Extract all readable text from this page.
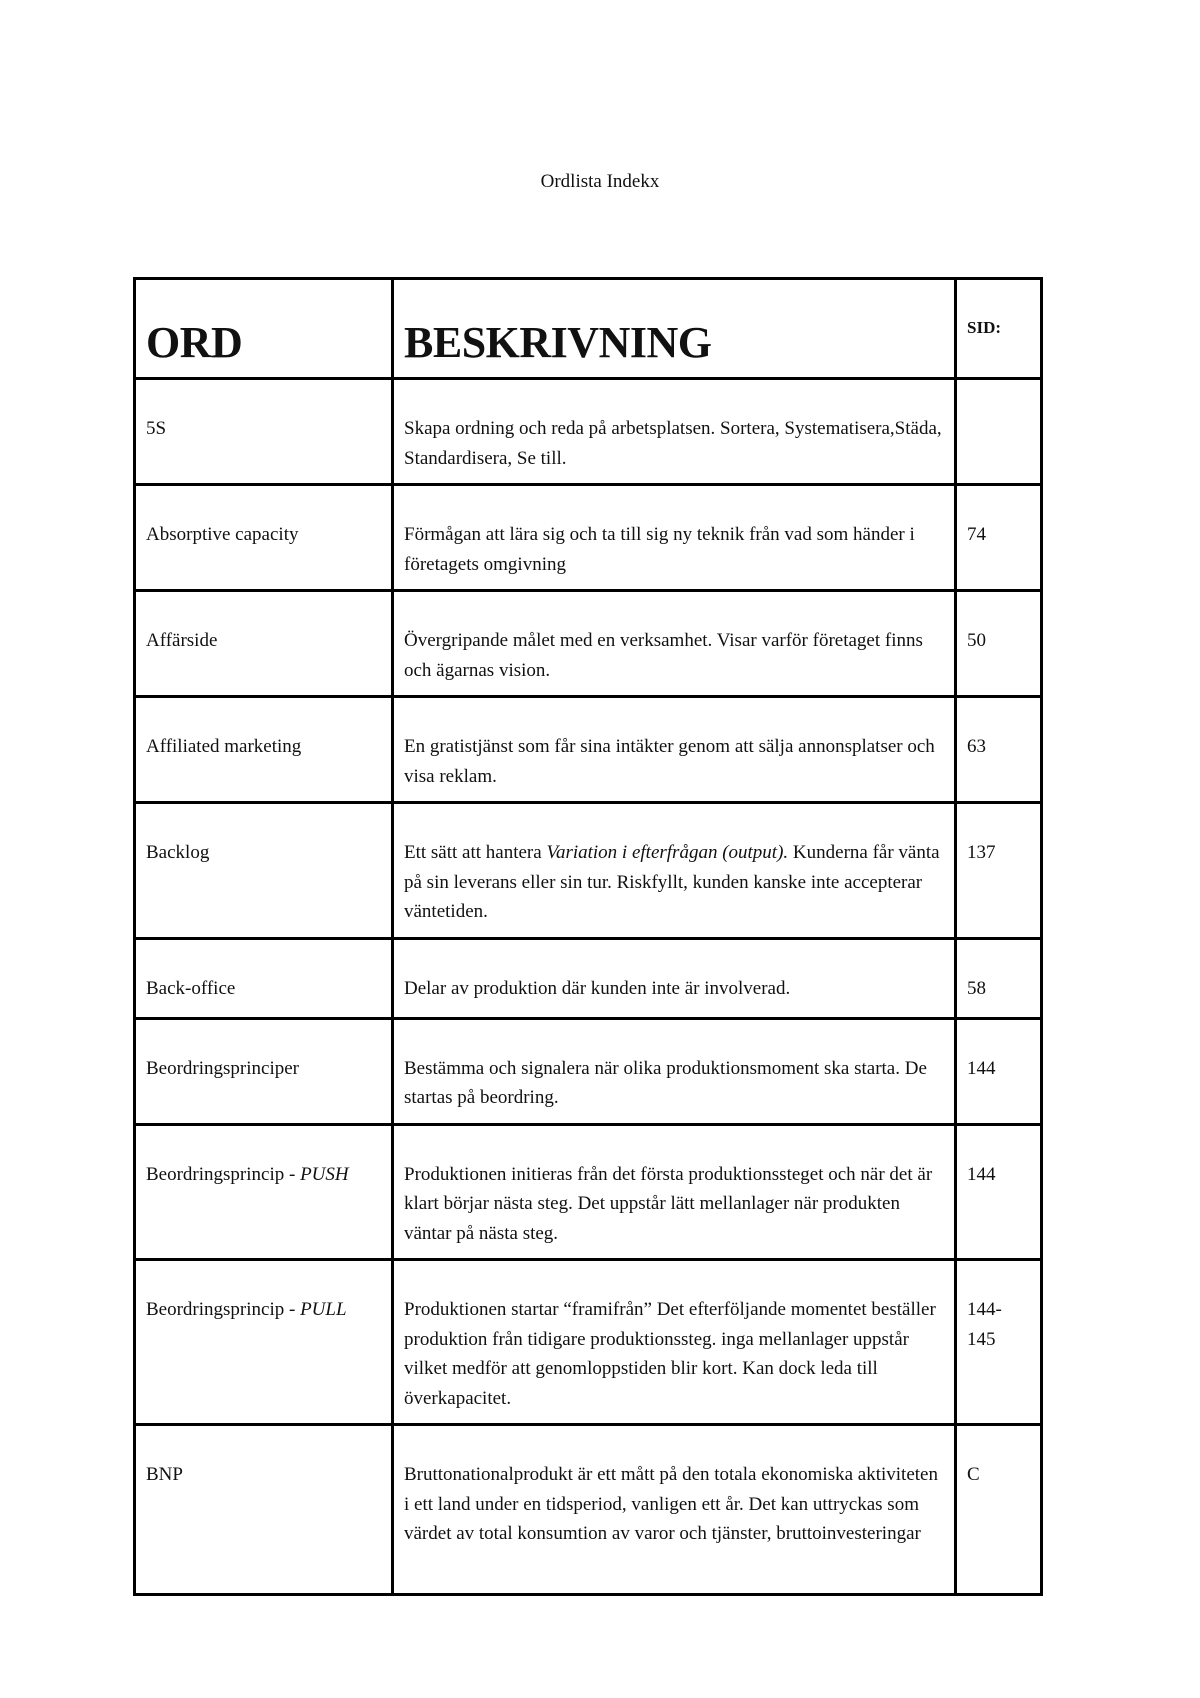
Ordlista Indekx
ORD	BESKRIVNING	SID:
5S	Skapa ordning och reda på arbetsplatsen. Sortera, Systematisera,Städa, Standardisera, Se till.	
Absorptive capacity	Förmågan att lära sig och ta till sig ny teknik från vad som händer i företagets omgivning	74
Affärside	Övergripande målet med en verksamhet. Visar varför företaget finns och ägarnas vision.	50
Affiliated marketing	En gratistjänst som får sina intäkter genom att sälja annonsplatser och visa reklam.	63
Backlog	Ett sätt att hantera Variation i efterfrågan (output). Kunderna får vänta på sin leverans eller sin tur. Riskfyllt, kunden kanske inte accepterar väntetiden.	137
Back-office	Delar av produktion där kunden inte är involverad.	58
Beordringsprinciper	Bestämma och signalera när olika produktionsmoment ska starta. De startas på beordring.	144
Beordringsprincip - PUSH	Produktionen initieras från det första produktionssteget och när det är klart börjar nästa steg. Det uppstår lätt mellanlager när produkten väntar på nästa steg.	144
Beordringsprincip - PULL	Produktionen startar “framifrån” Det efterföljande momentet beställer produktion från tidigare produktionssteg. inga mellanlager uppstår vilket medför att genomloppstiden blir kort. Kan dock leda till överkapacitet.	144-145
BNP	Bruttonationalprodukt är ett mått på den totala ekonomiska aktiviteten i ett land under en tidsperiod, vanligen ett år. Det kan uttryckas som värdet av total konsumtion av varor och tjänster, bruttoinvesteringar	C
